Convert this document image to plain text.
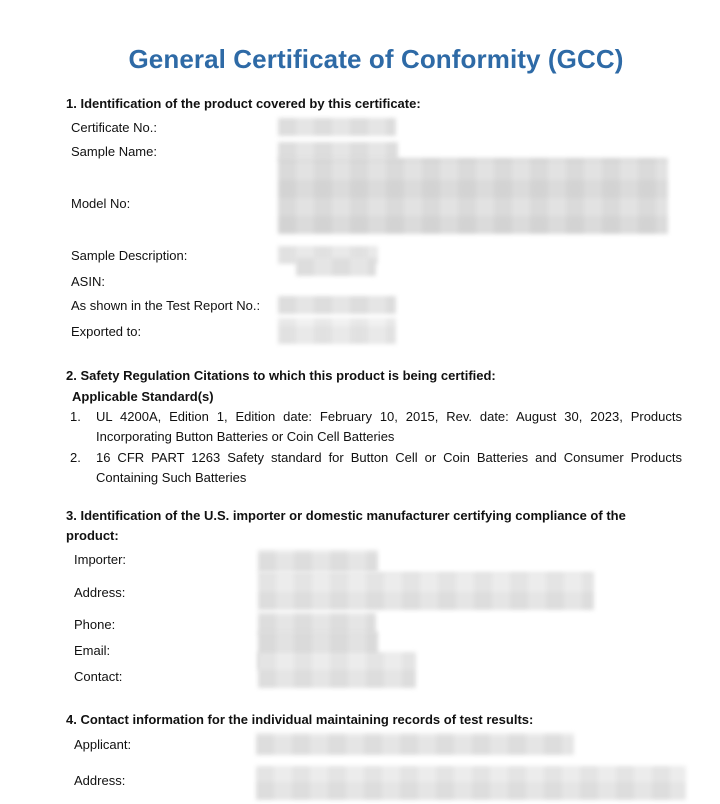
General Certificate of Conformity (GCC)
1. Identification of the product covered by this certificate:
Certificate No.:
Sample Name:
Model No:
Sample Description:
ASIN:
As shown in the Test Report No.:
Exported to:
2. Safety Regulation Citations to which this product is being certified:
Applicable Standard(s)
1.	UL 4200A, Edition 1, Edition date: February 10, 2015, Rev. date: August 30, 2023, Products Incorporating Button Batteries or Coin Cell Batteries
2.	16 CFR PART 1263 Safety standard for Button Cell or Coin Batteries and Consumer Products Containing Such Batteries
3. Identification of the U.S. importer or domestic manufacturer certifying compliance of the product:
Importer:
Address:
Phone:
Email:
Contact:
4. Contact information for the individual maintaining records of test results:
Applicant:
Address:
